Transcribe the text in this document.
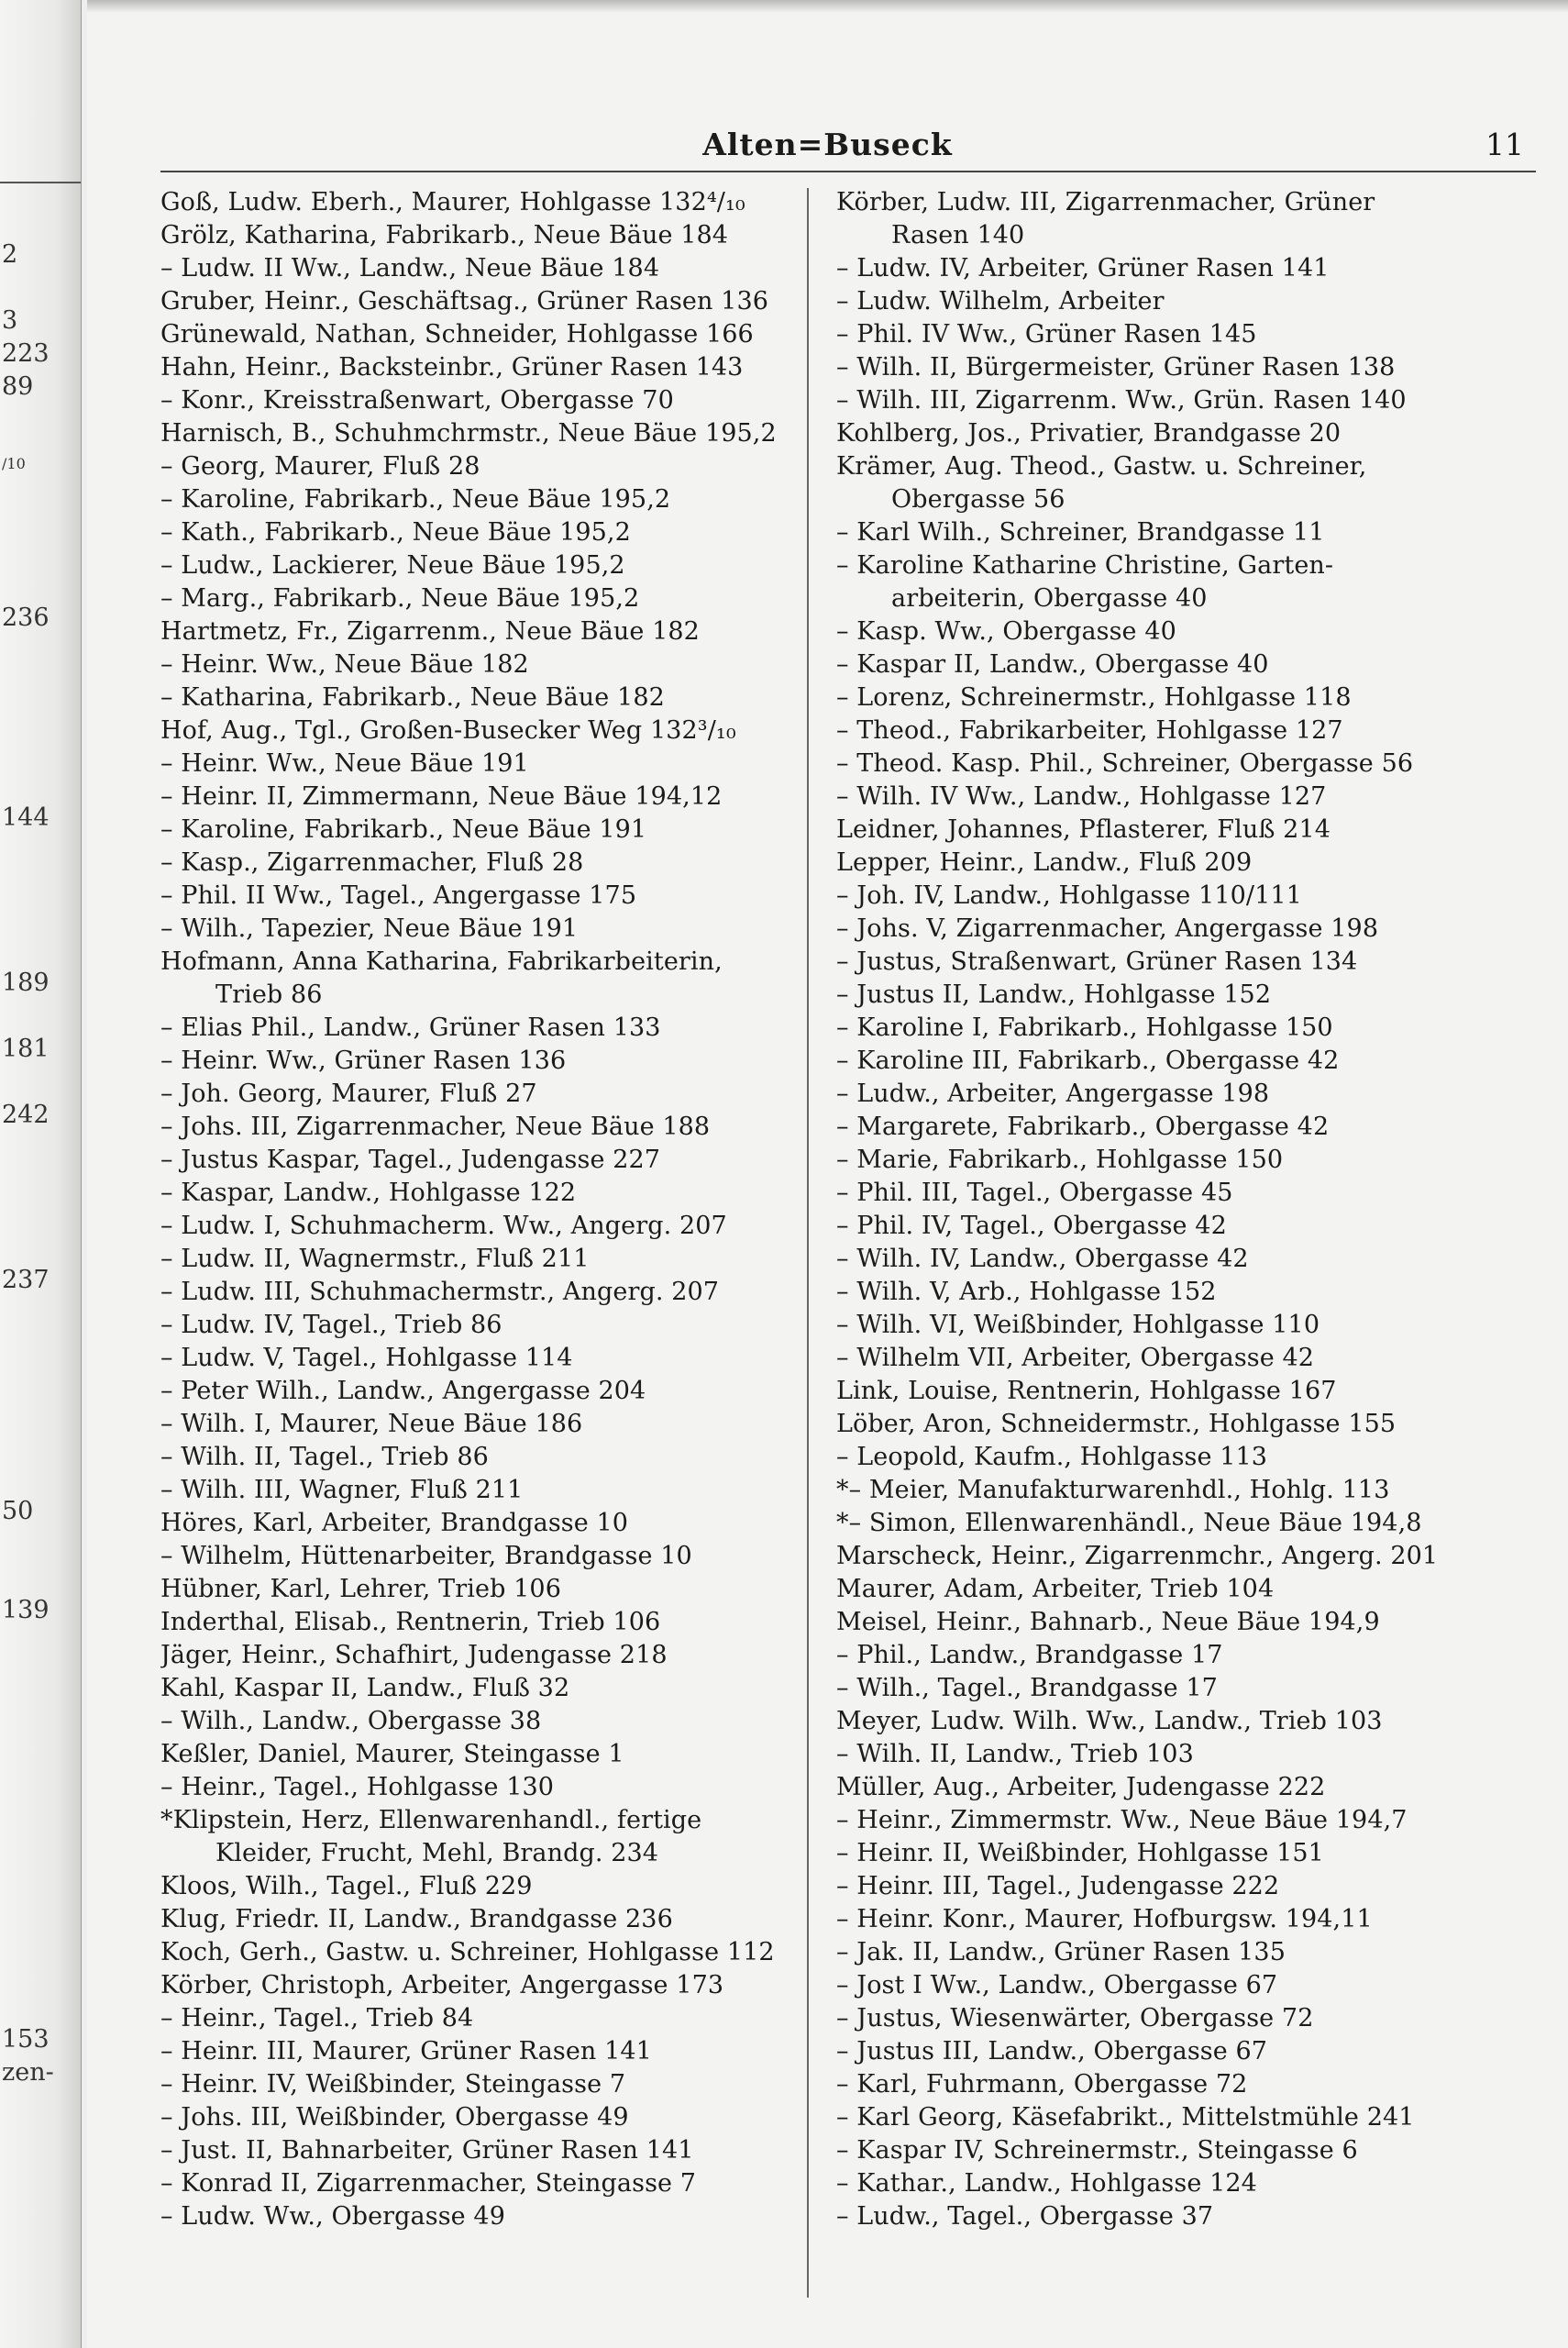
2
3
223
89
/10
236
144
189
181
242
237
50
139
153
zen-
Alten=Buseck	11
Goß, Ludw. Eberh., Maurer, Hohlgasse 132⁴/₁₀
Grölz, Katharina, Fabrikarb., Neue Bäue 184
– Ludw. II Ww., Landw., Neue Bäue 184
Gruber, Heinr., Geschäftsag., Grüner Rasen 136
Grünewald, Nathan, Schneider, Hohlgasse 166
Hahn, Heinr., Backsteinbr., Grüner Rasen 143
– Konr., Kreisstraßenwart, Obergasse 70
Harnisch, B., Schuhmchrmstr., Neue Bäue 195,2
– Georg, Maurer, Fluß 28
– Karoline, Fabrikarb., Neue Bäue 195,2
– Kath., Fabrikarb., Neue Bäue 195,2
– Ludw., Lackierer, Neue Bäue 195,2
– Marg., Fabrikarb., Neue Bäue 195,2
Hartmetz, Fr., Zigarrenm., Neue Bäue 182
– Heinr. Ww., Neue Bäue 182
– Katharina, Fabrikarb., Neue Bäue 182
Hof, Aug., Tgl., Großen-Busecker Weg 132³/₁₀
– Heinr. Ww., Neue Bäue 191
– Heinr. II, Zimmermann, Neue Bäue 194,12
– Karoline, Fabrikarb., Neue Bäue 191
– Kasp., Zigarrenmacher, Fluß 28
– Phil. II Ww., Tagel., Angergasse 175
– Wilh., Tapezier, Neue Bäue 191
Hofmann, Anna Katharina, Fabrikarbeiterin,
Trieb 86
– Elias Phil., Landw., Grüner Rasen 133
– Heinr. Ww., Grüner Rasen 136
– Joh. Georg, Maurer, Fluß 27
– Johs. III, Zigarrenmacher, Neue Bäue 188
– Justus Kaspar, Tagel., Judengasse 227
– Kaspar, Landw., Hohlgasse 122
– Ludw. I, Schuhmacherm. Ww., Angerg. 207
– Ludw. II, Wagnermstr., Fluß 211
– Ludw. III, Schuhmachermstr., Angerg. 207
– Ludw. IV, Tagel., Trieb 86
– Ludw. V, Tagel., Hohlgasse 114
– Peter Wilh., Landw., Angergasse 204
– Wilh. I, Maurer, Neue Bäue 186
– Wilh. II, Tagel., Trieb 86
– Wilh. III, Wagner, Fluß 211
Höres, Karl, Arbeiter, Brandgasse 10
– Wilhelm, Hüttenarbeiter, Brandgasse 10
Hübner, Karl, Lehrer, Trieb 106
Inderthal, Elisab., Rentnerin, Trieb 106
Jäger, Heinr., Schafhirt, Judengasse 218
Kahl, Kaspar II, Landw., Fluß 32
– Wilh., Landw., Obergasse 38
Keßler, Daniel, Maurer, Steingasse 1
– Heinr., Tagel., Hohlgasse 130
*Klipstein, Herz, Ellenwarenhandl., fertige
Kleider, Frucht, Mehl, Brandg. 234
Kloos, Wilh., Tagel., Fluß 229
Klug, Friedr. II, Landw., Brandgasse 236
Koch, Gerh., Gastw. u. Schreiner, Hohlgasse 112
Körber, Christoph, Arbeiter, Angergasse 173
– Heinr., Tagel., Trieb 84
– Heinr. III, Maurer, Grüner Rasen 141
– Heinr. IV, Weißbinder, Steingasse 7
– Johs. III, Weißbinder, Obergasse 49
– Just. II, Bahnarbeiter, Grüner Rasen 141
– Konrad II, Zigarrenmacher, Steingasse 7
– Ludw. Ww., Obergasse 49
Körber, Ludw. III, Zigarrenmacher, Grüner
Rasen 140
– Ludw. IV, Arbeiter, Grüner Rasen 141
– Ludw. Wilhelm, Arbeiter
– Phil. IV Ww., Grüner Rasen 145
– Wilh. II, Bürgermeister, Grüner Rasen 138
– Wilh. III, Zigarrenm. Ww., Grün. Rasen 140
Kohlberg, Jos., Privatier, Brandgasse 20
Krämer, Aug. Theod., Gastw. u. Schreiner,
Obergasse 56
– Karl Wilh., Schreiner, Brandgasse 11
– Karoline Katharine Christine, Garten-
arbeiterin, Obergasse 40
– Kasp. Ww., Obergasse 40
– Kaspar II, Landw., Obergasse 40
– Lorenz, Schreinermstr., Hohlgasse 118
– Theod., Fabrikarbeiter, Hohlgasse 127
– Theod. Kasp. Phil., Schreiner, Obergasse 56
– Wilh. IV Ww., Landw., Hohlgasse 127
Leidner, Johannes, Pflasterer, Fluß 214
Lepper, Heinr., Landw., Fluß 209
– Joh. IV, Landw., Hohlgasse 110/111
– Johs. V, Zigarrenmacher, Angergasse 198
– Justus, Straßenwart, Grüner Rasen 134
– Justus II, Landw., Hohlgasse 152
– Karoline I, Fabrikarb., Hohlgasse 150
– Karoline III, Fabrikarb., Obergasse 42
– Ludw., Arbeiter, Angergasse 198
– Margarete, Fabrikarb., Obergasse 42
– Marie, Fabrikarb., Hohlgasse 150
– Phil. III, Tagel., Obergasse 45
– Phil. IV, Tagel., Obergasse 42
– Wilh. IV, Landw., Obergasse 42
– Wilh. V, Arb., Hohlgasse 152
– Wilh. VI, Weißbinder, Hohlgasse 110
– Wilhelm VII, Arbeiter, Obergasse 42
Link, Louise, Rentnerin, Hohlgasse 167
Löber, Aron, Schneidermstr., Hohlgasse 155
– Leopold, Kaufm., Hohlgasse 113
*– Meier, Manufakturwarenhdl., Hohlg. 113
*– Simon, Ellenwarenhändl., Neue Bäue 194,8
Marscheck, Heinr., Zigarrenmchr., Angerg. 201
Maurer, Adam, Arbeiter, Trieb 104
Meisel, Heinr., Bahnarb., Neue Bäue 194,9
– Phil., Landw., Brandgasse 17
– Wilh., Tagel., Brandgasse 17
Meyer, Ludw. Wilh. Ww., Landw., Trieb 103
– Wilh. II, Landw., Trieb 103
Müller, Aug., Arbeiter, Judengasse 222
– Heinr., Zimmermstr. Ww., Neue Bäue 194,7
– Heinr. II, Weißbinder, Hohlgasse 151
– Heinr. III, Tagel., Judengasse 222
– Heinr. Konr., Maurer, Hofburgsw. 194,11
– Jak. II, Landw., Grüner Rasen 135
– Jost I Ww., Landw., Obergasse 67
– Justus, Wiesenwärter, Obergasse 72
– Justus III, Landw., Obergasse 67
– Karl, Fuhrmann, Obergasse 72
– Karl Georg, Käsefabrikt., Mittelstmühle 241
– Kaspar IV, Schreinermstr., Steingasse 6
– Kathar., Landw., Hohlgasse 124
– Ludw., Tagel., Obergasse 37
